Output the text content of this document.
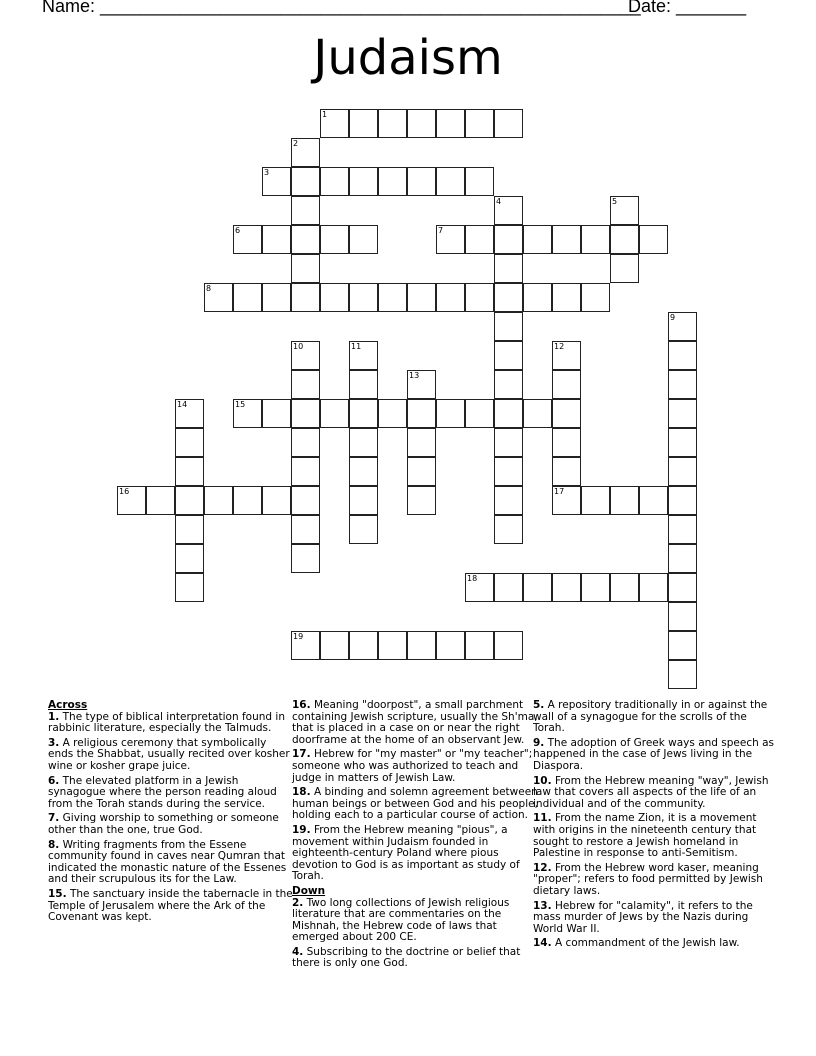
Name: ______________________________________________________
Date: _______
Judaism
1
2
3
4	5
6	7
8
9
10	11	12
17
13
14	15
16
18
19
Across
1. The type of biblical interpretation found in rabbinic literature, especially the Talmuds.
3. A religious ceremony that symbolically ends the Shabbat, usually recited over kosher wine or kosher grape juice.
6. The elevated platform in a Jewish synagogue where the person reading aloud from the Torah stands during the service.
7. Giving worship to something or someone other than the one, true God.
8. Writing fragments from the Essene community found in caves near Qumran that indicated the monastic nature of the Essenes and their scrupulous its for the Law.
15. The sanctuary inside the tabernacle in the Temple of Jerusalem where the Ark of the Covenant was kept.
16. Meaning "doorpost", a small parchment containing Jewish scripture, usually the Sh'ma, that is placed in a case on or near the right doorframe at the home of an observant Jew.
17. Hebrew for "my master" or "my teacher"; someone who was authorized to teach and judge in matters of Jewish Law.
18. A binding and solemn agreement between human beings or between God and his people, holding each to a particular course of action.
19. From the Hebrew meaning "pious", a movement within Judaism founded in eighteenth-century Poland where pious devotion to God is as important as study of Torah.
Down
2. Two long collections of Jewish religious literature that are commentaries on the Mishnah, the Hebrew code of laws that emerged about 200 CE.
4. Subscribing to the doctrine or belief that there is only one God.
5. A repository traditionally in or against the wall of a synagogue for the scrolls of the Torah.
9. The adoption of Greek ways and speech as happened in the case of Jews living in the Diaspora.
10. From the Hebrew meaning "way", Jewish law that covers all aspects of the life of an individual and of the community.
11. From the name Zion, it is a movement with origins in the nineteenth century that sought to restore a Jewish homeland in Palestine in response to anti-Semitism.
12. From the Hebrew word kaser, meaning "proper"; refers to food permitted by Jewish dietary laws.
13. Hebrew for "calamity", it refers to the mass murder of Jews by the Nazis during World War II.
14. A commandment of the Jewish law.
